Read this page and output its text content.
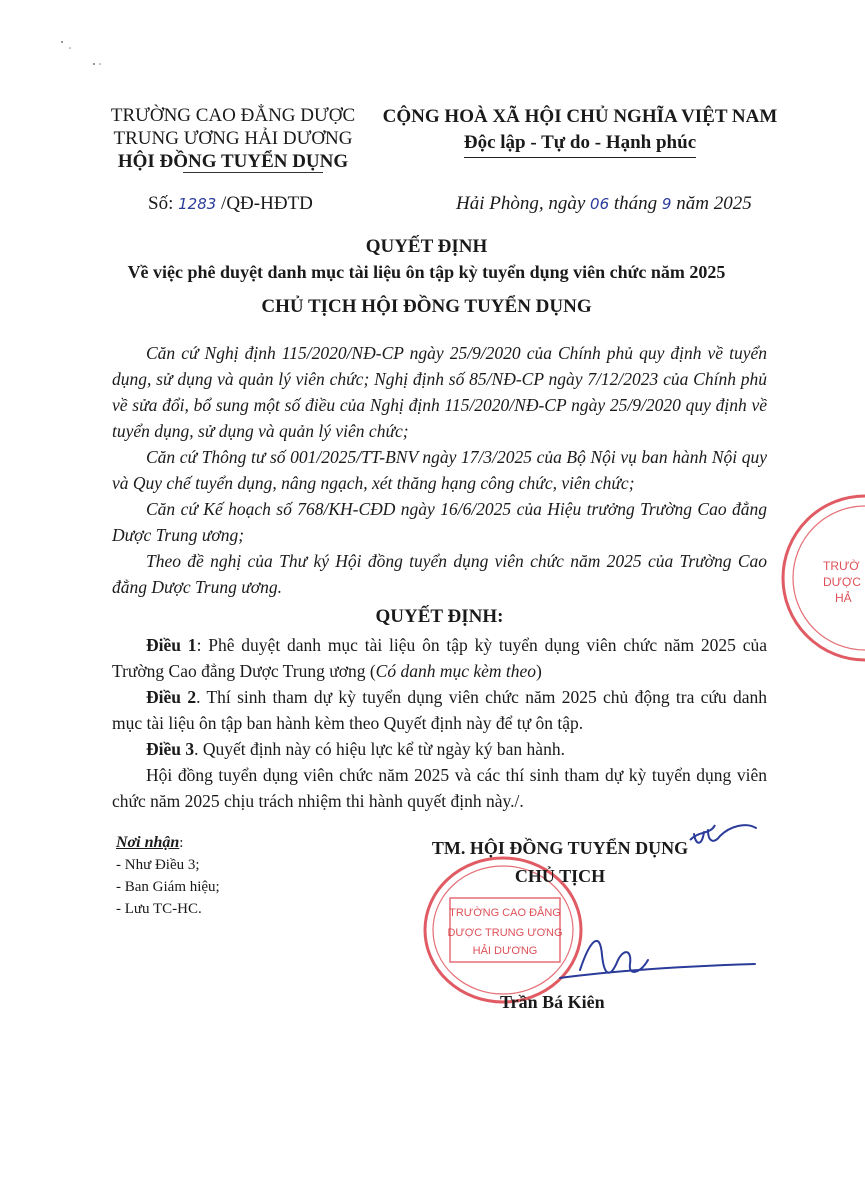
TRƯỜNG CAO ĐẲNG DƯỢC
TRUNG ƯƠNG HẢI DƯƠNG
HỘI ĐỒNG TUYỂN DỤNG
CỘNG HOÀ XÃ HỘI CHỦ NGHĨA VIỆT NAM
Độc lập - Tự do - Hạnh phúc
Số: 1283 /QĐ-HĐTD	Hải Phòng, ngày 06 tháng 9 năm 2025
QUYẾT ĐỊNH
Về việc phê duyệt danh mục tài liệu ôn tập kỳ tuyển dụng viên chức năm 2025
CHỦ TỊCH HỘI ĐỒNG TUYỂN DỤNG

Căn cứ Nghị định 115/2020/NĐ-CP ngày 25/9/2020 của Chính phủ quy định về tuyển dụng, sử dụng và quản lý viên chức; Nghị định số 85/NĐ-CP ngày 7/12/2023 của Chính phủ về sửa đổi, bổ sung một số điều của Nghị định 115/2020/NĐ-CP ngày 25/9/2020 quy định về tuyển dụng, sử dụng và quản lý viên chức;

Căn cứ Thông tư số 001/2025/TT-BNV ngày 17/3/2025 của Bộ Nội vụ ban hành Nội quy và Quy chế tuyển dụng, nâng ngạch, xét thăng hạng công chức, viên chức;

Căn cứ Kế hoạch số 768/KH-CĐD ngày 16/6/2025 của Hiệu trưởng Trường Cao đẳng Dược Trung ương;

Theo đề nghị của Thư ký Hội đồng tuyển dụng viên chức năm 2025 của Trường Cao đẳng Dược Trung ương.

QUYẾT ĐỊNH:

Điều 1: Phê duyệt danh mục tài liệu ôn tập kỳ tuyển dụng viên chức năm 2025 của Trường Cao đẳng Dược Trung ương (Có danh mục kèm theo)

Điều 2. Thí sinh tham dự kỳ tuyển dụng viên chức năm 2025 chủ động tra cứu danh mục tài liệu ôn tập ban hành kèm theo Quyết định này để tự ôn tập.

Điều 3. Quyết định này có hiệu lực kể từ ngày ký ban hành.

Hội đồng tuyển dụng viên chức năm 2025 và các thí sinh tham dự kỳ tuyển dụng viên chức năm 2025 chịu trách nhiệm thi hành quyết định này./.

Nơi nhận:
- Như Điều 3;
- Ban Giám hiệu;
- Lưu TC-HC.	TRƯỜNG CAO ĐẲNG
DƯỢC TRUNG ƯƠNG
HẢI DƯƠNG
TRƯỜ
DƯỢC
HẢ
TM. HỘI ĐỒNG TUYỂN DỤNG
CHỦ TỊCH
Trần Bá Kiên
